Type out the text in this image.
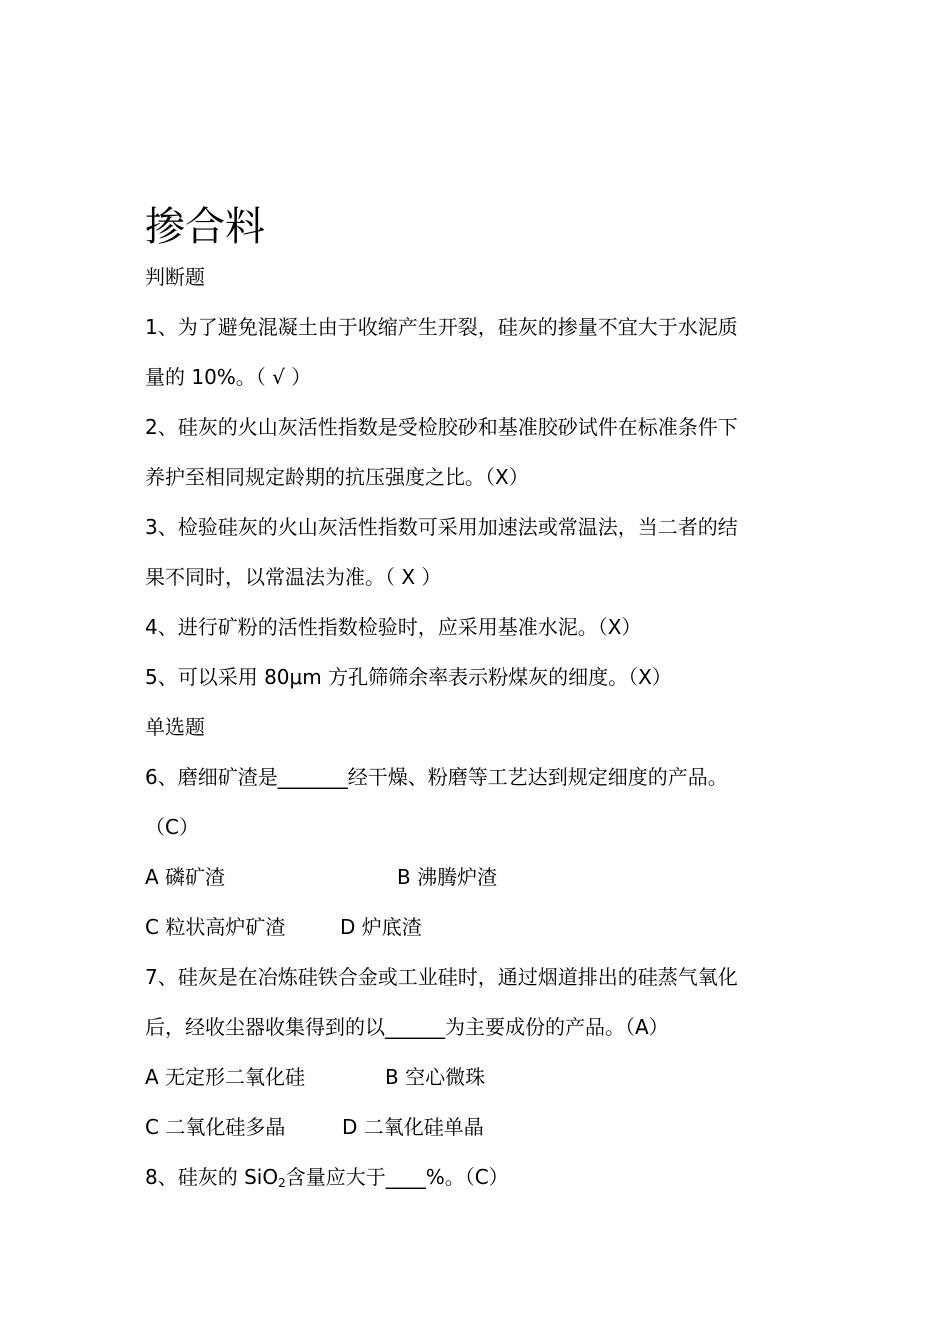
掺合料

判断题

1、为了避免混凝土由于收缩产生开裂，硅灰的掺量不宜大于水泥质

量的 10%。（ √ ）

2、硅灰的火山灰活性指数是受检胶砂和基准胶砂试件在标准条件下

养护至相同规定龄期的抗压强度之比。（X）

3、检验硅灰的火山灰活性指数可采用加速法或常温法，当二者的结

果不同时，以常温法为准。（ X ）

4、进行矿粉的活性指数检验时，应采用基准水泥。（X）

5、可以采用 80μm 方孔筛筛余率表示粉煤灰的细度。（X）

单选题

6、磨细矿渣是_______经干燥、粉磨等工艺达到规定细度的产品。

（C）

A 磷矿渣	B 沸腾炉渣

C 粒状高炉矿渣	D 炉底渣

7、硅灰是在冶炼硅铁合金或工业硅时，通过烟道排出的硅蒸气氧化

后，经收尘器收集得到的以______为主要成份的产品。（A）

A 无定形二氧化硅	B 空心微珠

C 二氧化硅多晶	D 二氧化硅单晶

8、硅灰的 SiO$_2$含量应大于____%。（C）
